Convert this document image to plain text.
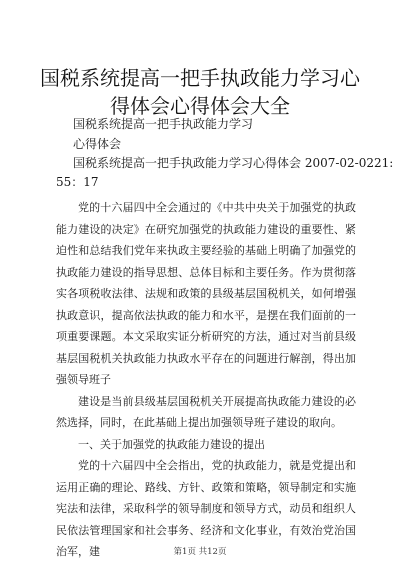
国税系统提高一把手执政能力学习心得体会心得体会大全
国税系统提高一把手执政能力学习
心得体会
国税系统提高一把手执政能力学习心得体会 2007-02-0221:
55：17

党的十六届四中全会通过的《中共中央关于加强党的执政能力建设的决定》在研究加强党的执政能力建设的重要性、紧迫性和总结我们党年来执政主要经验的基础上明确了加强党的执政能力建设的指导思想、总体目标和主要任务。作为贯彻落实各项税收法律、法规和政策的县级基层国税机关，如何增强执政意识，提高依法执政的能力和水平，是摆在我们面前的一项重要课题。本文采取实证分析研究的方法，通过对当前县级基层国税机关执政能力执政水平存在的问题进行解剖，得出加强领导班子

建设是当前县级基层国税机关开展提高执政能力建设的必然选择，同时，在此基础上提出加强领导班子建设的取向。

一、关于加强党的执政能力建设的提出

党的十六届四中全会指出，党的执政能力，就是党提出和运用正确的理论、路线、方针、政策和策略，领导制定和实施宪法和法律，采取科学的领导制度和领导方式，动员和组织人民依法管理国家和社会事务、经济和文化事业，有效治党治国治军，建	第1页 共12页
